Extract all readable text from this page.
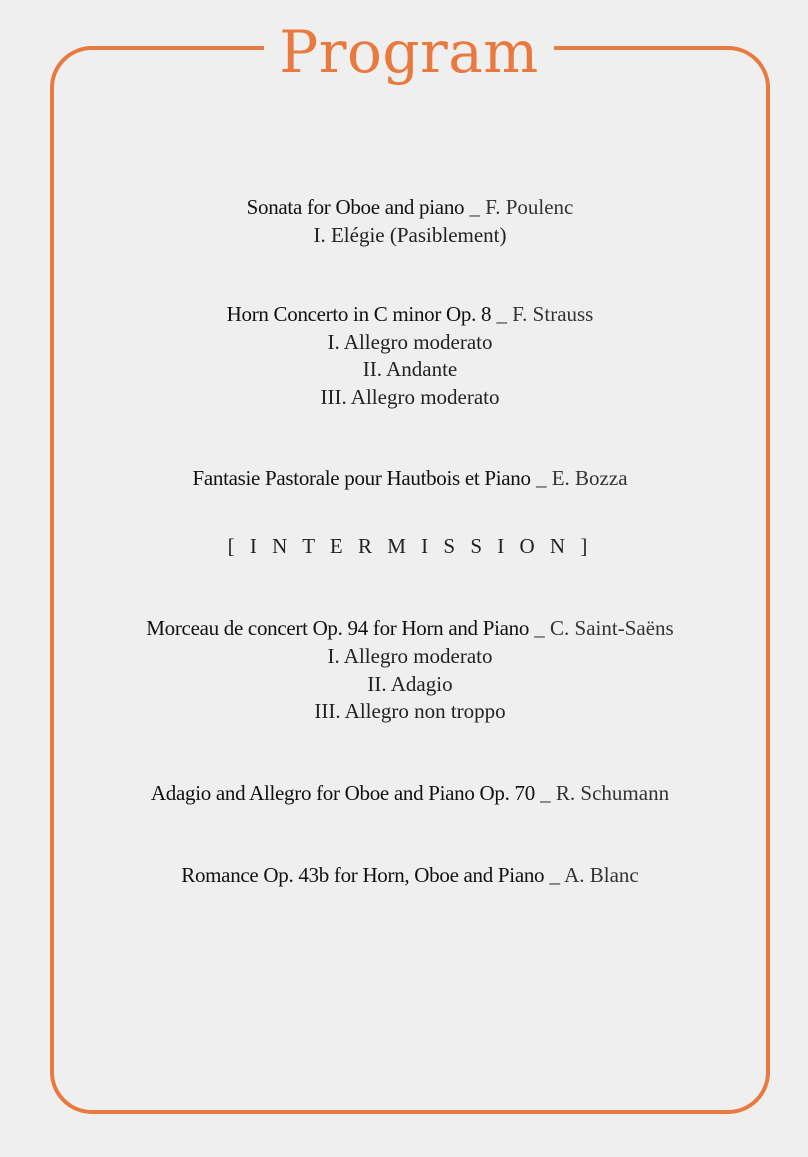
Program
Sonata for Oboe and piano _ F. Poulenc
I. Elégie (Pasiblement)
Horn Concerto in C minor Op. 8 _ F. Strauss
I. Allegro moderato
II. Andante
III. Allegro moderato
Fantasie Pastorale pour Hautbois et Piano _ E. Bozza
[ I N T E R M I S S I O N ]
Morceau de concert Op. 94 for Horn and Piano _ C. Saint-Saëns
I. Allegro moderato
II. Adagio
III. Allegro non troppo
Adagio and Allegro for Oboe and Piano Op. 70 _ R. Schumann
Romance Op. 43b for Horn, Oboe and Piano _ A. Blanc
